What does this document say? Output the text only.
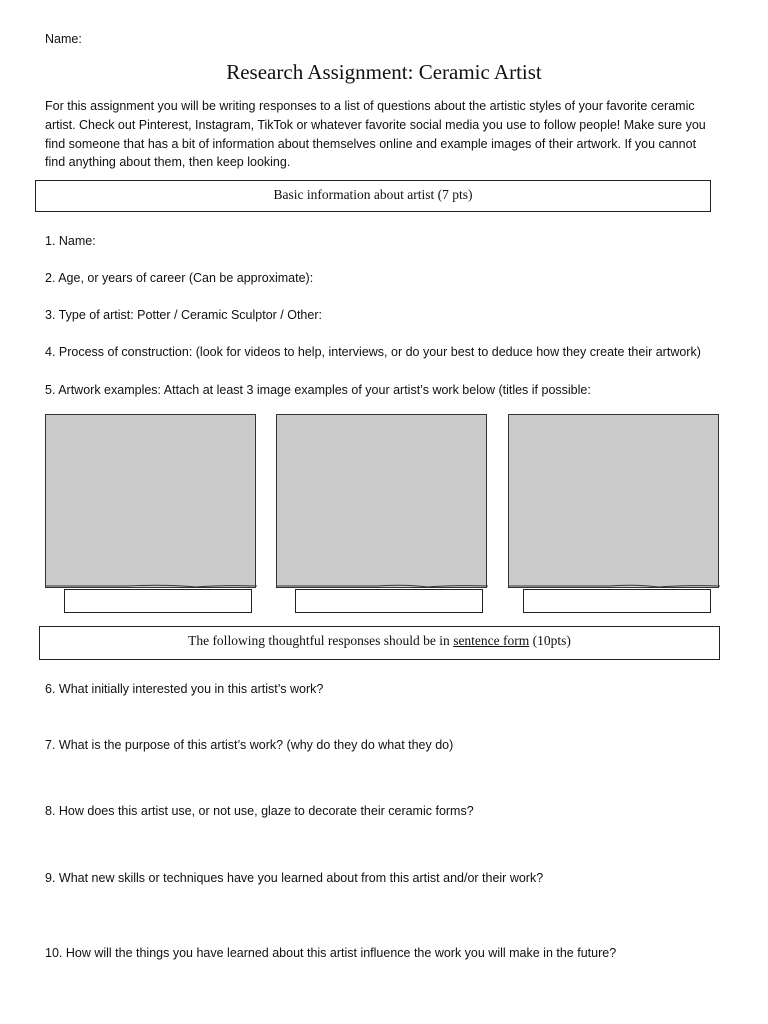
Name:
Research Assignment: Ceramic Artist
For this assignment you will be writing responses to a list of questions about the artistic styles of your favorite ceramic
artist. Check out Pinterest, Instagram, TikTok or whatever favorite social media you use to follow people! Make sure you
find someone that has a bit of information about themselves online and example images of their artwork. If you cannot
find anything about them, then keep looking.
Basic information about artist (7 pts)
1. Name:
2. Age, or years of career (Can be approximate):
3. Type of artist: Potter / Ceramic Sculptor / Other:
4. Process of construction: (look for videos to help, interviews, or do your best to deduce how they create their artwork)
5. Artwork examples: Attach at least 3 image examples of your artist’s work below (titles if possible:
The following thoughtful responses should be in sentence form (10pts)
6. What initially interested you in this artist’s work?
7. What is the purpose of this artist’s work? (why do they do what they do)
8. How does this artist use, or not use, glaze to decorate their ceramic forms?
9. What new skills or techniques have you learned about from this artist and/or their work?
10. How will the things you have learned about this artist influence the work you will make in the future?
